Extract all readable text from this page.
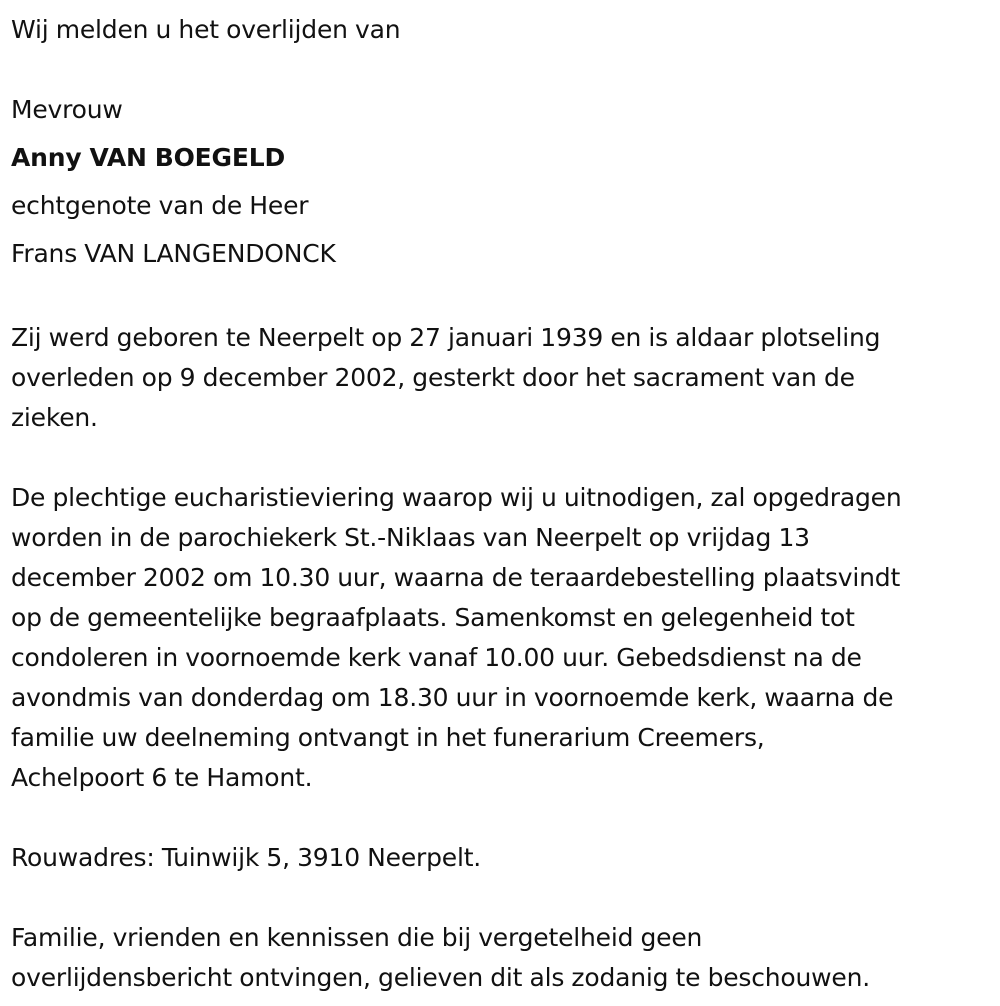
Wij melden u het overlijden van
Mevrouw
Anny VAN BOEGELD
echtgenote van de Heer
Frans VAN LANGENDONCK
Zij werd geboren te Neerpelt op 27 januari 1939 en is aldaar plotseling
overleden op 9 december 2002, gesterkt door het sacrament van de
zieken.
De plechtige eucharistieviering waarop wij u uitnodigen, zal opgedragen
worden in de parochiekerk St.-Niklaas van Neerpelt op vrijdag 13
december 2002 om 10.30 uur, waarna de teraardebestelling plaatsvindt
op de gemeentelijke begraafplaats. Samenkomst en gelegenheid tot
condoleren in voornoemde kerk vanaf 10.00 uur. Gebedsdienst na de
avondmis van donderdag om 18.30 uur in voornoemde kerk, waarna de
familie uw deelneming ontvangt in het funerarium Creemers,
Achelpoort 6 te Hamont.
Rouwadres: Tuinwijk 5, 3910 Neerpelt.
Familie, vrienden en kennissen die bij vergetelheid geen
overlijdensbericht ontvingen, gelieven dit als zodanig te beschouwen.
